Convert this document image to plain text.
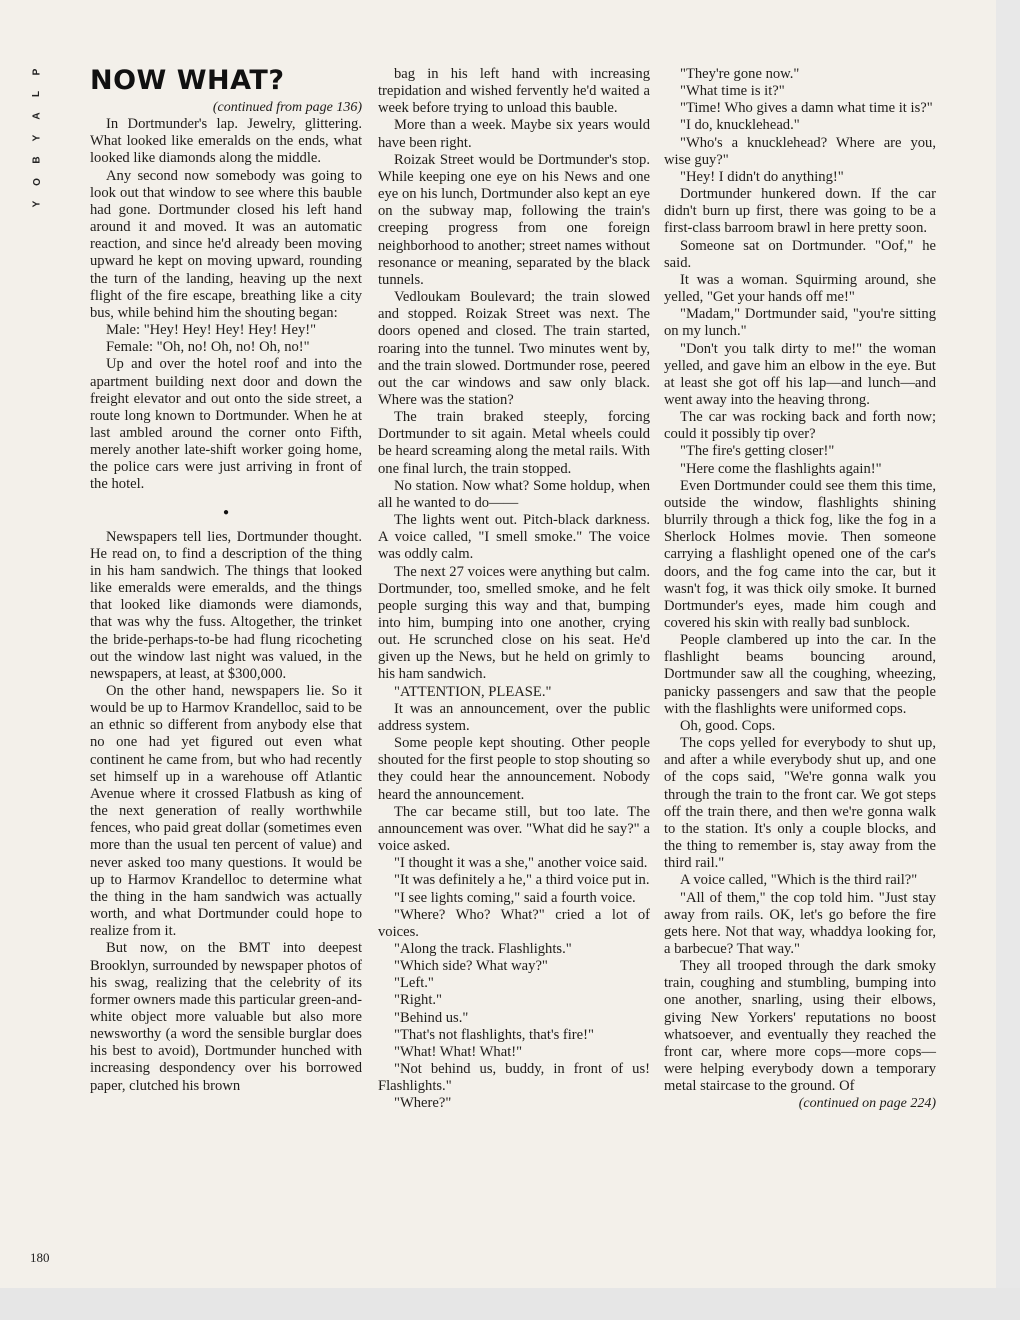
P
L
A
Y
B
O
Y
180
NOW WHAT?
(continued from page 136)

In Dortmunder's lap. Jewelry, glittering. What looked like emeralds on the ends, what looked like diamonds along the middle.

Any second now somebody was going to look out that window to see where this bauble had gone. Dortmunder closed his left hand around it and moved. It was an automatic reaction, and since he'd already been moving upward he kept on moving upward, rounding the turn of the landing, heaving up the next flight of the fire escape, breathing like a city bus, while behind him the shouting began:

Male: "Hey! Hey! Hey! Hey! Hey!"

Female: "Oh, no! Oh, no! Oh, no!"

Up and over the hotel roof and into the apartment building next door and down the freight elevator and out onto the side street, a route long known to Dortmunder. When he at last ambled around the corner onto Fifth, merely another late-shift worker going home, the police cars were just arriving in front of the hotel.

●

Newspapers tell lies, Dortmunder thought. He read on, to find a description of the thing in his ham sandwich. The things that looked like emeralds were emeralds, and the things that looked like diamonds were diamonds, that was why the fuss. Altogether, the trinket the bride-perhaps-to-be had flung ricocheting out the window last night was valued, in the newspapers, at least, at $300,000.

On the other hand, newspapers lie. So it would be up to Harmov Krandelloc, said to be an ethnic so different from anybody else that no one had yet figured out even what continent he came from, but who had recently set himself up in a warehouse off Atlantic Avenue where it crossed Flatbush as king of the next generation of really worthwhile fences, who paid great dollar (sometimes even more than the usual ten percent of value) and never asked too many questions. It would be up to Harmov Krandelloc to determine what the thing in the ham sandwich was actually worth, and what Dortmunder could hope to realize from it.

But now, on the BMT into deepest Brooklyn, surrounded by newspaper photos of his swag, realizing that the celebrity of its former owners made this particular green-and-white object more valuable but also more newsworthy (a word the sensible burglar does his best to avoid), Dortmunder hunched with increasing despondency over his borrowed paper, clutched his brown

bag in his left hand with increasing trepidation and wished fervently he'd waited a week before trying to unload this bauble.

More than a week. Maybe six years would have been right.

Roizak Street would be Dortmunder's stop. While keeping one eye on his News and one eye on his lunch, Dortmunder also kept an eye on the subway map, following the train's creeping progress from one foreign neighborhood to another; street names without resonance or meaning, separated by the black tunnels.

Vedloukam Boulevard; the train slowed and stopped. Roizak Street was next. The doors opened and closed. The train started, roaring into the tunnel. Two minutes went by, and the train slowed. Dortmunder rose, peered out the car windows and saw only black. Where was the station?

The train braked steeply, forcing Dortmunder to sit again. Metal wheels could be heard screaming along the metal rails. With one final lurch, the train stopped.

No station. Now what? Some holdup, when all he wanted to do——

The lights went out. Pitch-black darkness. A voice called, "I smell smoke." The voice was oddly calm.

The next 27 voices were anything but calm. Dortmunder, too, smelled smoke, and he felt people surging this way and that, bumping into him, bumping into one another, crying out. He scrunched close on his seat. He'd given up the News, but he held on grimly to his ham sandwich.

"ATTENTION, PLEASE."

It was an announcement, over the public address system.

Some people kept shouting. Other people shouted for the first people to stop shouting so they could hear the announcement. Nobody heard the announcement.

The car became still, but too late. The announcement was over. "What did he say?" a voice asked.

"I thought it was a she," another voice said.

"It was definitely a he," a third voice put in.

"I see lights coming," said a fourth voice.

"Where? Who? What?" cried a lot of voices.

"Along the track. Flashlights."

"Which side? What way?"

"Left."

"Right."

"Behind us."

"That's not flashlights, that's fire!"

"What! What! What!"

"Not behind us, buddy, in front of us! Flashlights."

"Where?"

"They're gone now."

"What time is it?"

"Time! Who gives a damn what time it is?"

"I do, knucklehead."

"Who's a knucklehead? Where are you, wise guy?"

"Hey! I didn't do anything!"

Dortmunder hunkered down. If the car didn't burn up first, there was going to be a first-class barroom brawl in here pretty soon.

Someone sat on Dortmunder. "Oof," he said.

It was a woman. Squirming around, she yelled, "Get your hands off me!"

"Madam," Dortmunder said, "you're sitting on my lunch."

"Don't you talk dirty to me!" the woman yelled, and gave him an elbow in the eye. But at least she got off his lap—and lunch—and went away into the heaving throng.

The car was rocking back and forth now; could it possibly tip over?

"The fire's getting closer!"

"Here come the flashlights again!"

Even Dortmunder could see them this time, outside the window, flashlights shining blurrily through a thick fog, like the fog in a Sherlock Holmes movie. Then someone carrying a flashlight opened one of the car's doors, and the fog came into the car, but it wasn't fog, it was thick oily smoke. It burned Dortmunder's eyes, made him cough and covered his skin with really bad sunblock.

People clambered up into the car. In the flashlight beams bouncing around, Dortmunder saw all the coughing, wheezing, panicky passengers and saw that the people with the flashlights were uniformed cops.

Oh, good. Cops.

The cops yelled for everybody to shut up, and after a while everybody shut up, and one of the cops said, "We're gonna walk you through the train to the front car. We got steps off the train there, and then we're gonna walk to the station. It's only a couple blocks, and the thing to remember is, stay away from the third rail."

A voice called, "Which is the third rail?"

"All of them," the cop told him. "Just stay away from rails. OK, let's go before the fire gets here. Not that way, whaddya looking for, a barbecue? That way."

They all trooped through the dark smoky train, coughing and stumbling, bumping into one another, snarling, using their elbows, giving New Yorkers' reputations no boost whatsoever, and eventually they reached the front car, where more cops—more cops—were helping everybody down a temporary metal staircase to the ground. Of

(continued on page 224)
